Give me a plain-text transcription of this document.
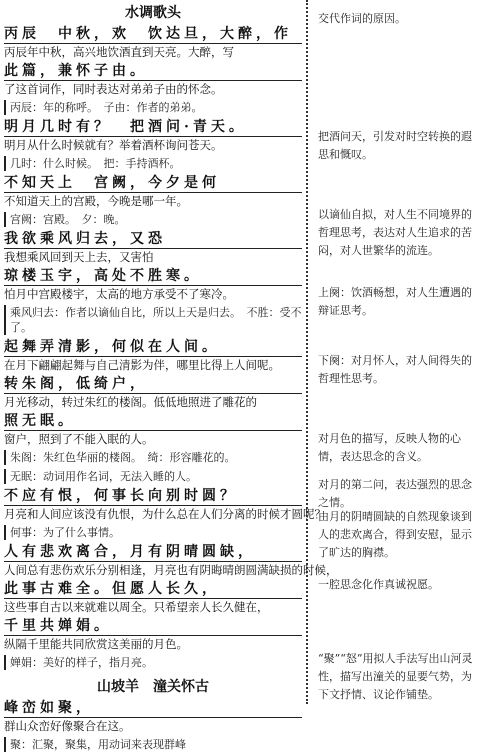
水调歌头
丙辰　中秋，欢　饮达旦，大醉，作
丙辰年中秋，高兴地饮酒直到天亮。大醉，写
此篇，兼怀子由。
了这首词作，同时表达对弟弟子由的怀念。
丙辰：年的称呼。　子由：作者的弟弟。
明月几时有？　把酒问·青天。
明月从什么时候就有？举着酒杯询问苍天。
几时：什么时候。　把：手持酒杯。
不知天上　宫阙，今夕是何
不知道天上的宫殿，今晚是哪一年。
宫阙：宫殿。　夕：晚。
我欲乘风归去，又恐
我想乘风回到天上去，又害怕
琼楼玉宇，高处不胜寒。
怕月中宫殿楼宇，太高的地方承受不了寒冷。
乘风归去：作者以谪仙自比，所以上天是归去。　不胜：受不了。
起舞弄清影，何似在人间。
在月下翩翩起舞与自己清影为伴，哪里比得上人间呢。
转朱阁，低绮户，
月光移动，转过朱红的楼阁。低低地照进了雕花的
照无眠。
窗户，照到了不能入眠的人。
朱阁：朱红色华丽的楼阁。　绮：形容雕花的。
无眠：动词用作名词，无法入睡的人。
不应有恨，何事长向别时圆？
月亮和人间应该没有仇恨，为什么总在人们分离的时候才圆呢？
何事：为了什么事情。
人有悲欢离合，月有阴晴圆缺，
人间总有悲伤欢乐分别相逢，月亮也有阴晦晴朗圆满缺损的时候，
此事古难全。但愿人长久，
这些事自古以来就难以周全。只希望亲人长久健在，
千里共婵娟。
纵隔千里能共同欣赏这美丽的月色。
婵娟：美好的样子，指月亮。
山坡羊　潼关怀古
峰峦如聚，
群山众峦好像聚合在这。
聚：汇聚，聚集，用动词来表现群峰
交代作词的原因。
把酒问天，引发对时空转换的遐思和慨叹。
以谪仙自拟，对人生不同境界的哲理思考，表达对人生追求的苦闷，对人世繁华的流连。
上阕：饮酒畅想，对人生遭遇的辩证思考。
下阕：对月怀人，对人间得失的哲理性思考。
对月色的描写，反映人物的心情，表达思念的含义。
对月的第二问，表达强烈的思念之情。
由月的阴晴圆缺的自然现象谈到人的悲欢离合，得到安慰，显示了旷达的胸襟。
一腔思念化作真诚祝愿。
“聚”“怒”用拟人手法写出山河灵性，描写出潼关的显要气势，为下文抒情、议论作铺垫。
